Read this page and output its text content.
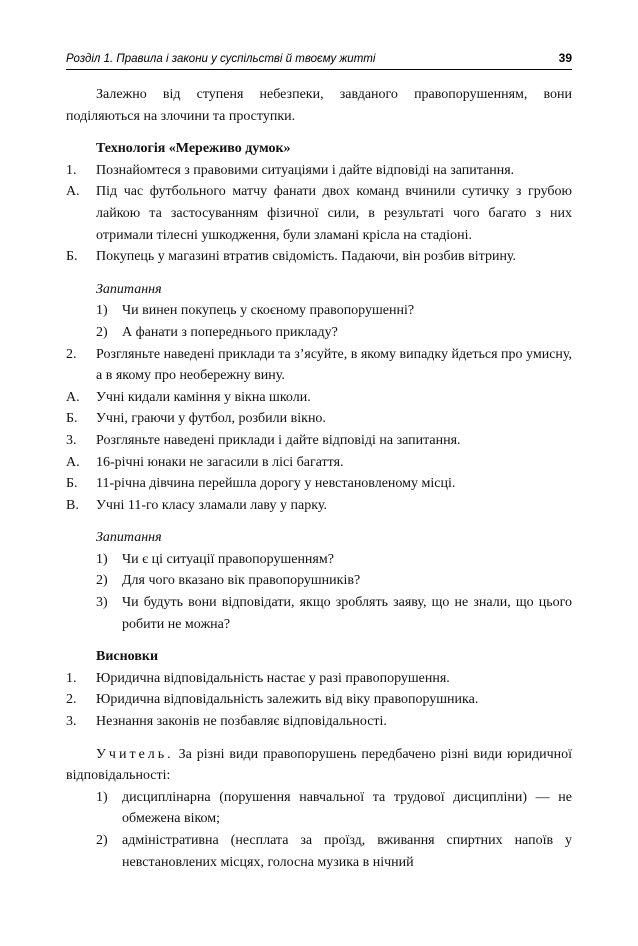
Розділ 1. Правила і закони у суспільстві й твоєму житті	39

Залежно від ступеня небезпеки, завданого правопорушенням, вони поділяються на злочини та проступки.

Технологія «Мереживо думок»

1.	Познайомтеся з правовими ситуаціями і дайте відповіді на запитання.
А.	Під час футбольного матчу фанати двох команд вчинили сутичку з грубою лайкою та застосуванням фізичної сили, в результаті чого багато з них отримали тілесні ушкодження, були зламані крісла на стадіоні.
Б.	Покупець у магазині втратив свідомість. Падаючи, він розбив вітрину.

Запитання

1)	Чи винен покупець у скоєному правопорушенні?
2)	А фанати з попереднього прикладу?
2.	Розгляньте наведені приклади та з’ясуйте, в якому випадку йдеться про умисну, а в якому про необережну вину.
А.	Учні кидали каміння у вікна школи.
Б.	Учні, граючи у футбол, розбили вікно.
3.	Розгляньте наведені приклади і дайте відповіді на запитання.
А.	16-річні юнаки не загасили в лісі багаття.
Б.	11-річна дівчина перейшла дорогу у невстановленому місці.
В.	Учні 11-го класу зламали лаву у парку.

Запитання

1)	Чи є ці ситуації правопорушенням?
2)	Для чого вказано вік правопорушників?
3)	Чи будуть вони відповідати, якщо зроблять заяву, що не знали, що цього робити не можна?

Висновки

1.	Юридична відповідальність настає у разі правопорушення.
2.	Юридична відповідальність залежить від віку правопорушника.
3.	Незнання законів не позбавляє відповідальності.

Учитель. За різні види правопорушень передбачено різні види юридичної відповідальності:

1)	дисциплінарна (порушення навчальної та трудової дисципліни) — не обмежена віком;
2)	адміністративна (несплата за проїзд, вживання спиртних напоїв у невстановлених місцях, голосна музика в нічний
